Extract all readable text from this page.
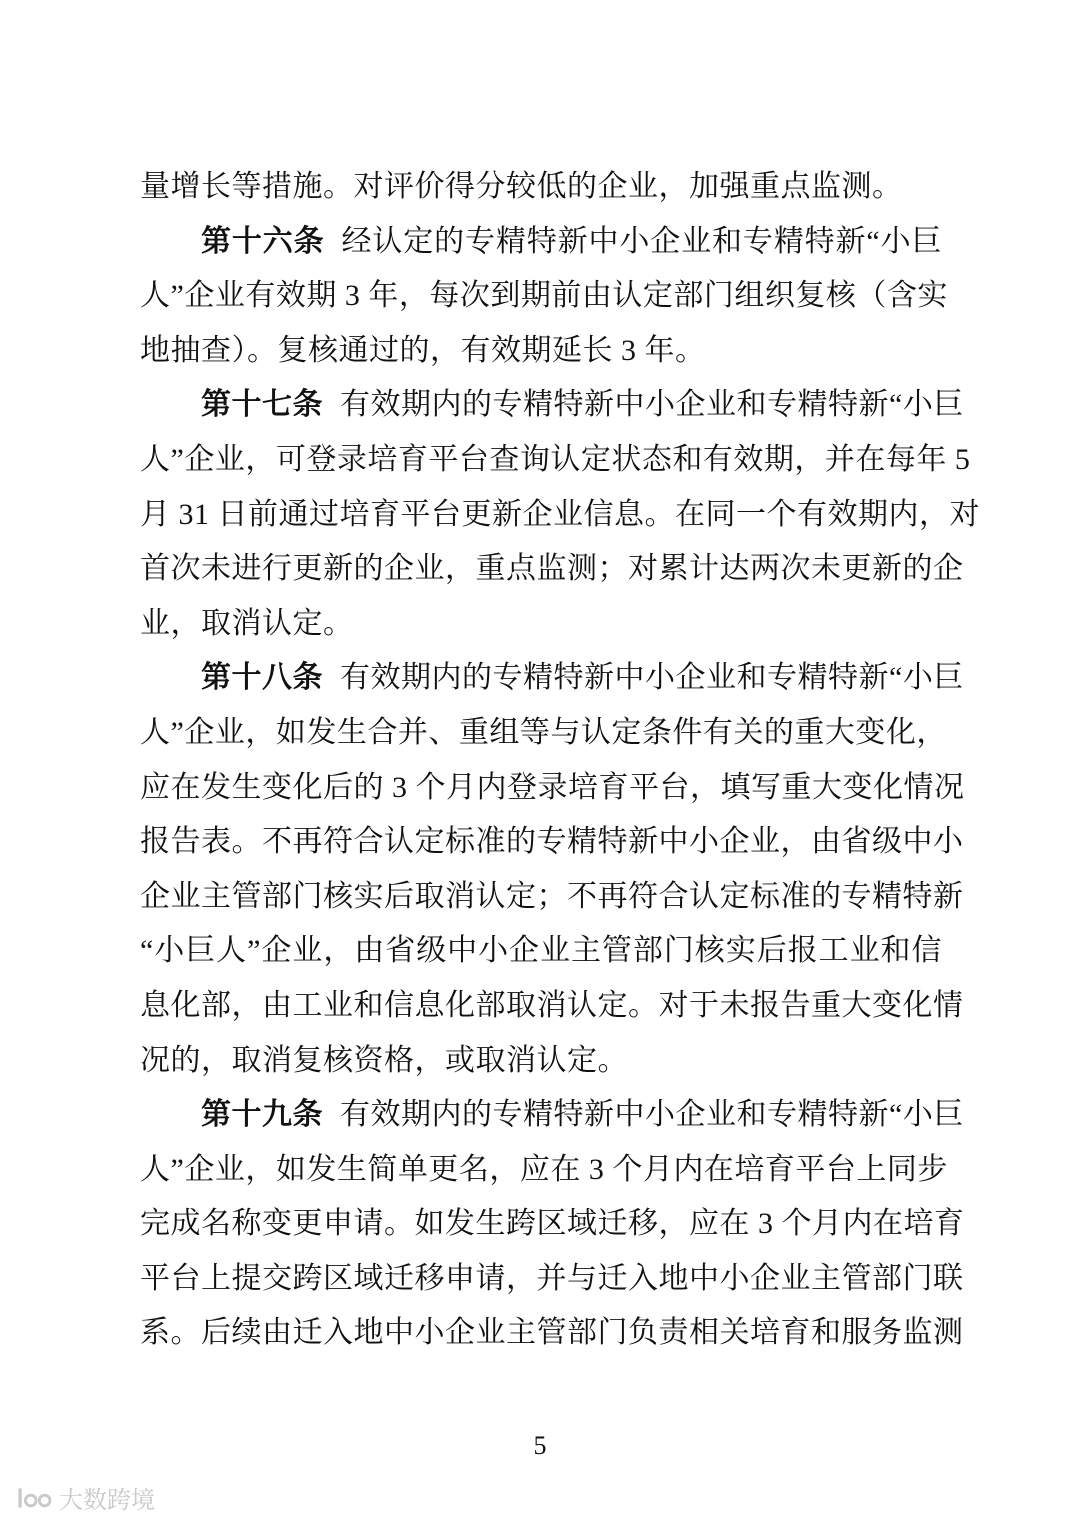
量增长等措施。对评价得分较低的企业，加强重点监测。
第十六条 经认定的专精特新中小企业和专精特新“小巨
人”企业有效期 3 年，每次到期前由认定部门组织复核（含实
地抽查）。复核通过的，有效期延长 3 年。
第十七条 有效期内的专精特新中小企业和专精特新“小巨
人”企业，可登录培育平台查询认定状态和有效期，并在每年 5
月 31 日前通过培育平台更新企业信息。在同一个有效期内，对
首次未进行更新的企业，重点监测；对累计达两次未更新的企
业，取消认定。
第十八条 有效期内的专精特新中小企业和专精特新“小巨
人”企业，如发生合并、重组等与认定条件有关的重大变化，
应在发生变化后的 3 个月内登录培育平台，填写重大变化情况
报告表。不再符合认定标准的专精特新中小企业，由省级中小
企业主管部门核实后取消认定；不再符合认定标准的专精特新
“小巨人”企业，由省级中小企业主管部门核实后报工业和信
息化部，由工业和信息化部取消认定。对于未报告重大变化情
况的，取消复核资格，或取消认定。
第十九条 有效期内的专精特新中小企业和专精特新“小巨
人”企业，如发生简单更名，应在 3 个月内在培育平台上同步
完成名称变更申请。如发生跨区域迁移，应在 3 个月内在培育
平台上提交跨区域迁移申请，并与迁入地中小企业主管部门联
系。后续由迁入地中小企业主管部门负责相关培育和服务监测
5
大数跨境
